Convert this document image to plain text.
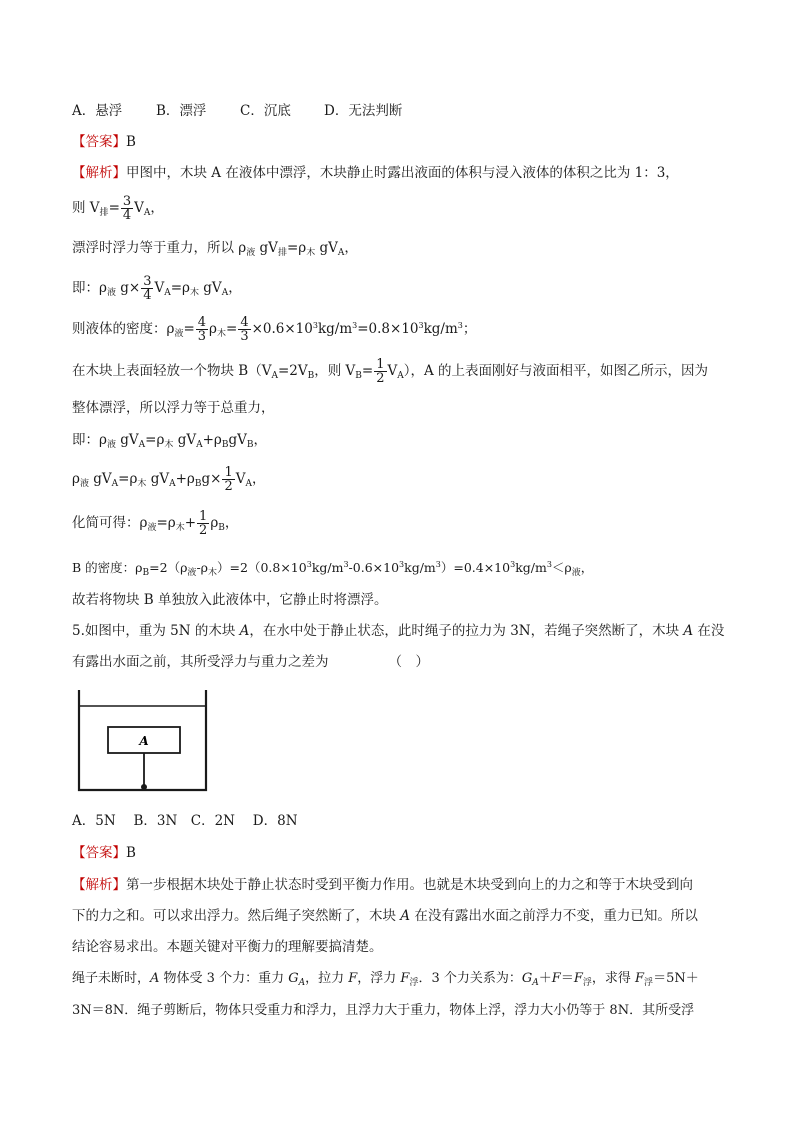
A．悬浮	B．漂浮 C．沉底 D．无法判断
【答案】B
【解析】甲图中，木块 A 在液体中漂浮，木块静止时露出液面的体积与浸入液体的体积之比为 1：3，
则 $V_排= \frac{3}{4} V_A$，
漂浮时浮力等于重力，所以 $\rho_液$ $gV_排=\rho_木$ $gV_A$，
即：$\rho_液$ $g\times \frac{3}{4} V_A=\rho_木$ $gV_A$，
则液体的密度：$\rho_液= \frac{4}{3} \rho_木= \frac{4}{3} \times 0.6\times 10^3kg/m^3=0.8\times 10^3kg/m^3$；
在木块上表面轻放一个物块 $B(V_A=2V_B$，则 $V_B= \frac{1}{2} V_A$），A 的上表面刚好与液面相平，如图乙所示，因为
整体漂浮，所以浮力等于总重力，
即：$\rho_液$ $gV_A=\rho_木$ $gV_A+\rho_BgV_B$，
$\rho_液$ $gV_A=\rho_木$ $gV_A+\rho_Bg\times \frac{1}{2} V_A$，
化简可得：$\rho_液=\rho_木+ \frac{1}{2} \rho_B$，
B 的密度：$\rho_B=2(\rho_液-\rho_木)=2(0.8\times 10^3kg/m^3-0.6\times 10^3kg/m^3)=0.4\times 10^3kg/m^3<\rho_液$，
故若将物块 B 单独放入此液体中，它静止时将漂浮。
5.如图中，重为 5N 的木块 A，在水中处于静止状态，此时绳子的拉力为 3N，若绳子突然断了，木块 A 在没
有露出水面之前，其所受浮力与重力之差为	（　）
A
A．5N　 B．3N　C．2N　 D．8N
【答案】B
【解析】第一步根据木块处于静止状态时受到平衡力作用。也就是木块受到向上的力之和等于木块受到向
下的力之和。可以求出浮力。然后绳子突然断了，木块 A 在没有露出水面之前浮力不变，重力已知。所以
结论容易求出。本题关键对平衡力的理解要搞清楚。
绳子未断时，A 物体受 3 个力：重力 $G_A$，拉力 F，浮力 $F_浮$．3 个力关系为：$G_A+F=F_浮$，求得 $F_浮=5N+$
3N＝8N．绳子剪断后，物体只受重力和浮力，且浮力大于重力，物体上浮，浮力大小仍等于 8N．其所受浮
